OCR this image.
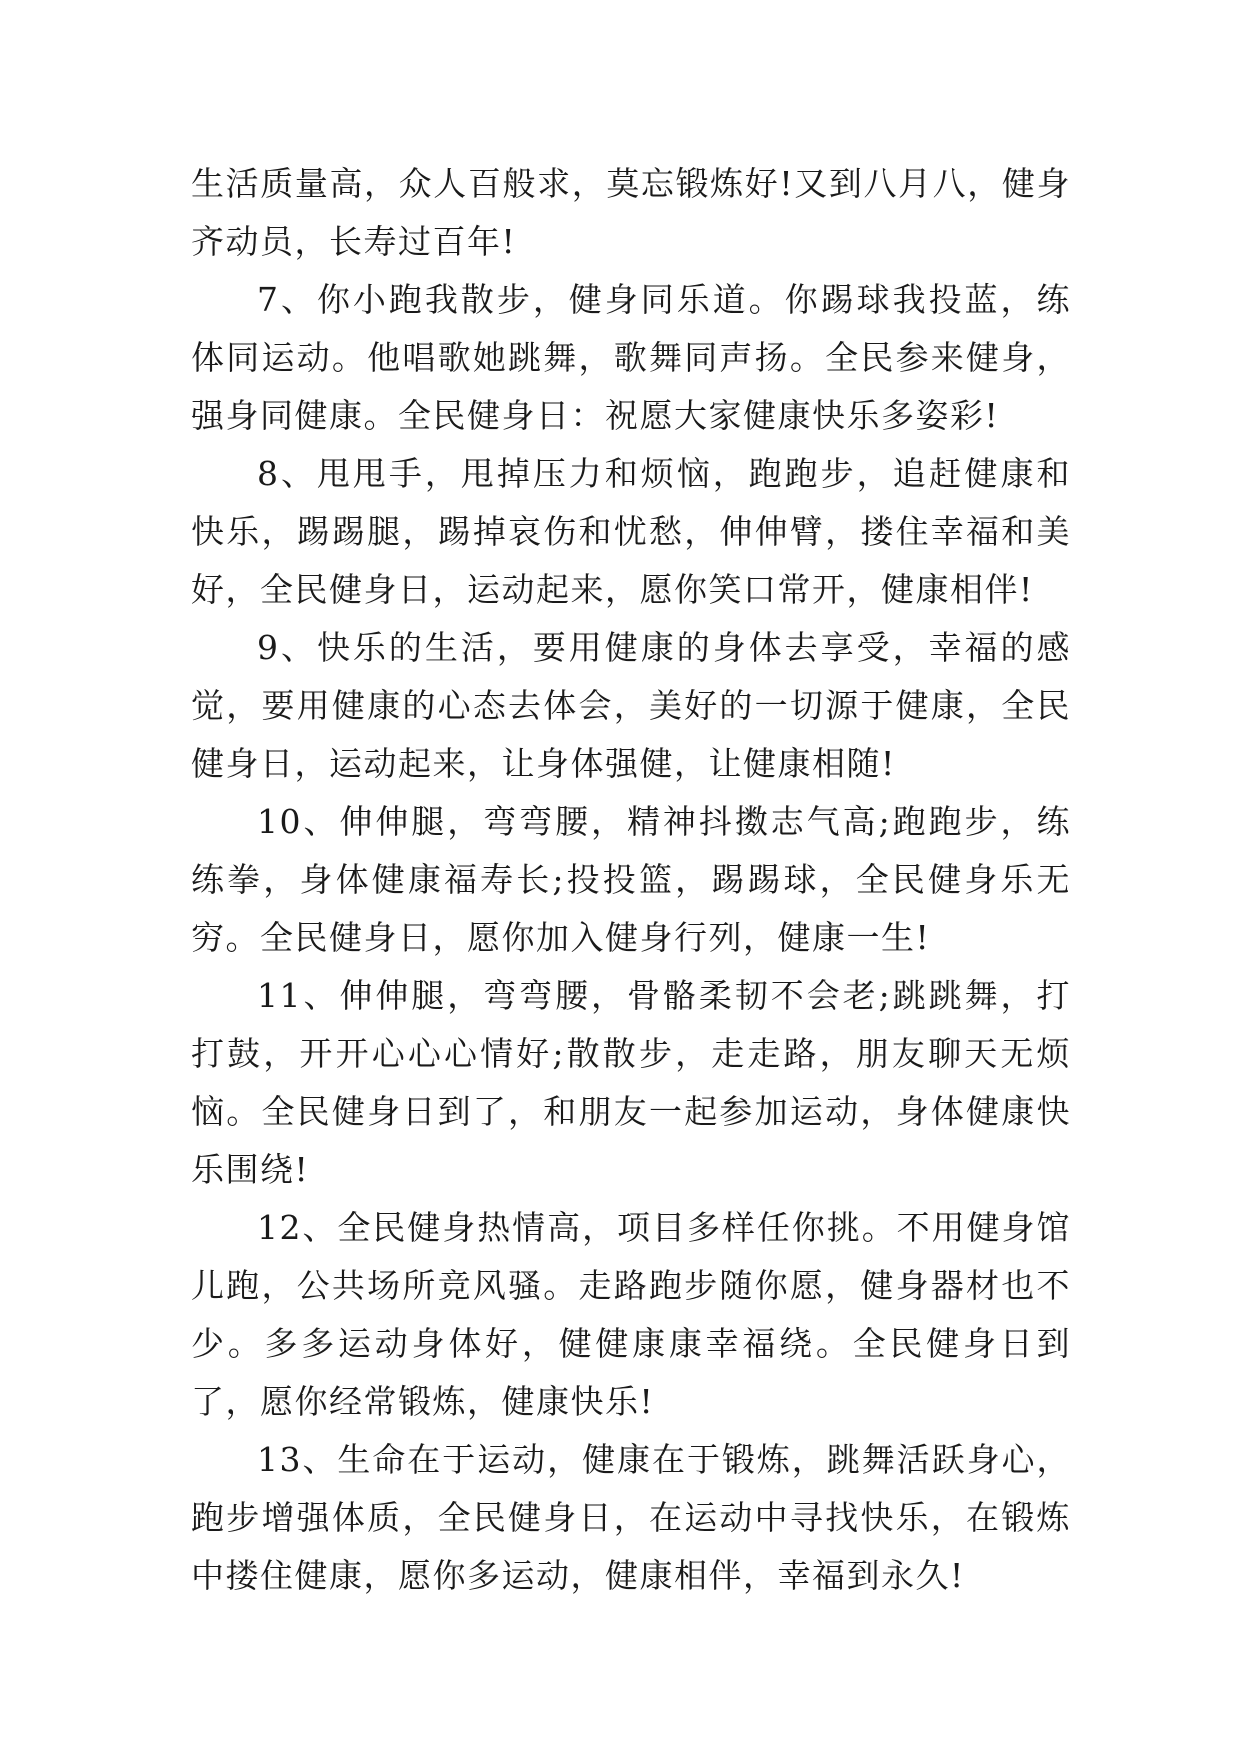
生活质量高，众人百般求，莫忘锻炼好!又到八月八，健身齐动员，长寿过百年!

7、你小跑我散步，健身同乐道。你踢球我投蓝，练体同运动。他唱歌她跳舞，歌舞同声扬。全民参来健身，强身同健康。全民健身日：祝愿大家健康快乐多姿彩!

8、甩甩手，甩掉压力和烦恼，跑跑步，追赶健康和快乐，踢踢腿，踢掉哀伤和忧愁，伸伸臂，搂住幸福和美好，全民健身日，运动起来，愿你笑口常开，健康相伴!

9、快乐的生活，要用健康的身体去享受，幸福的感觉，要用健康的心态去体会，美好的一切源于健康，全民健身日，运动起来，让身体强健，让健康相随!

10、伸伸腿，弯弯腰，精神抖擞志气高;跑跑步，练练拳，身体健康福寿长;投投篮，踢踢球，全民健身乐无穷。全民健身日，愿你加入健身行列，健康一生!

11、伸伸腿，弯弯腰，骨骼柔韧不会老;跳跳舞，打打鼓，开开心心心情好;散散步，走走路，朋友聊天无烦恼。全民健身日到了，和朋友一起参加运动，身体健康快乐围绕!

12、全民健身热情高，项目多样任你挑。不用健身馆儿跑，公共场所竞风骚。走路跑步随你愿，健身器材也不少。多多运动身体好，健健康康幸福绕。全民健身日到了，愿你经常锻炼，健康快乐!

13、生命在于运动，健康在于锻炼，跳舞活跃身心，跑步增强体质，全民健身日，在运动中寻找快乐，在锻炼中搂住健康，愿你多运动，健康相伴，幸福到永久!
